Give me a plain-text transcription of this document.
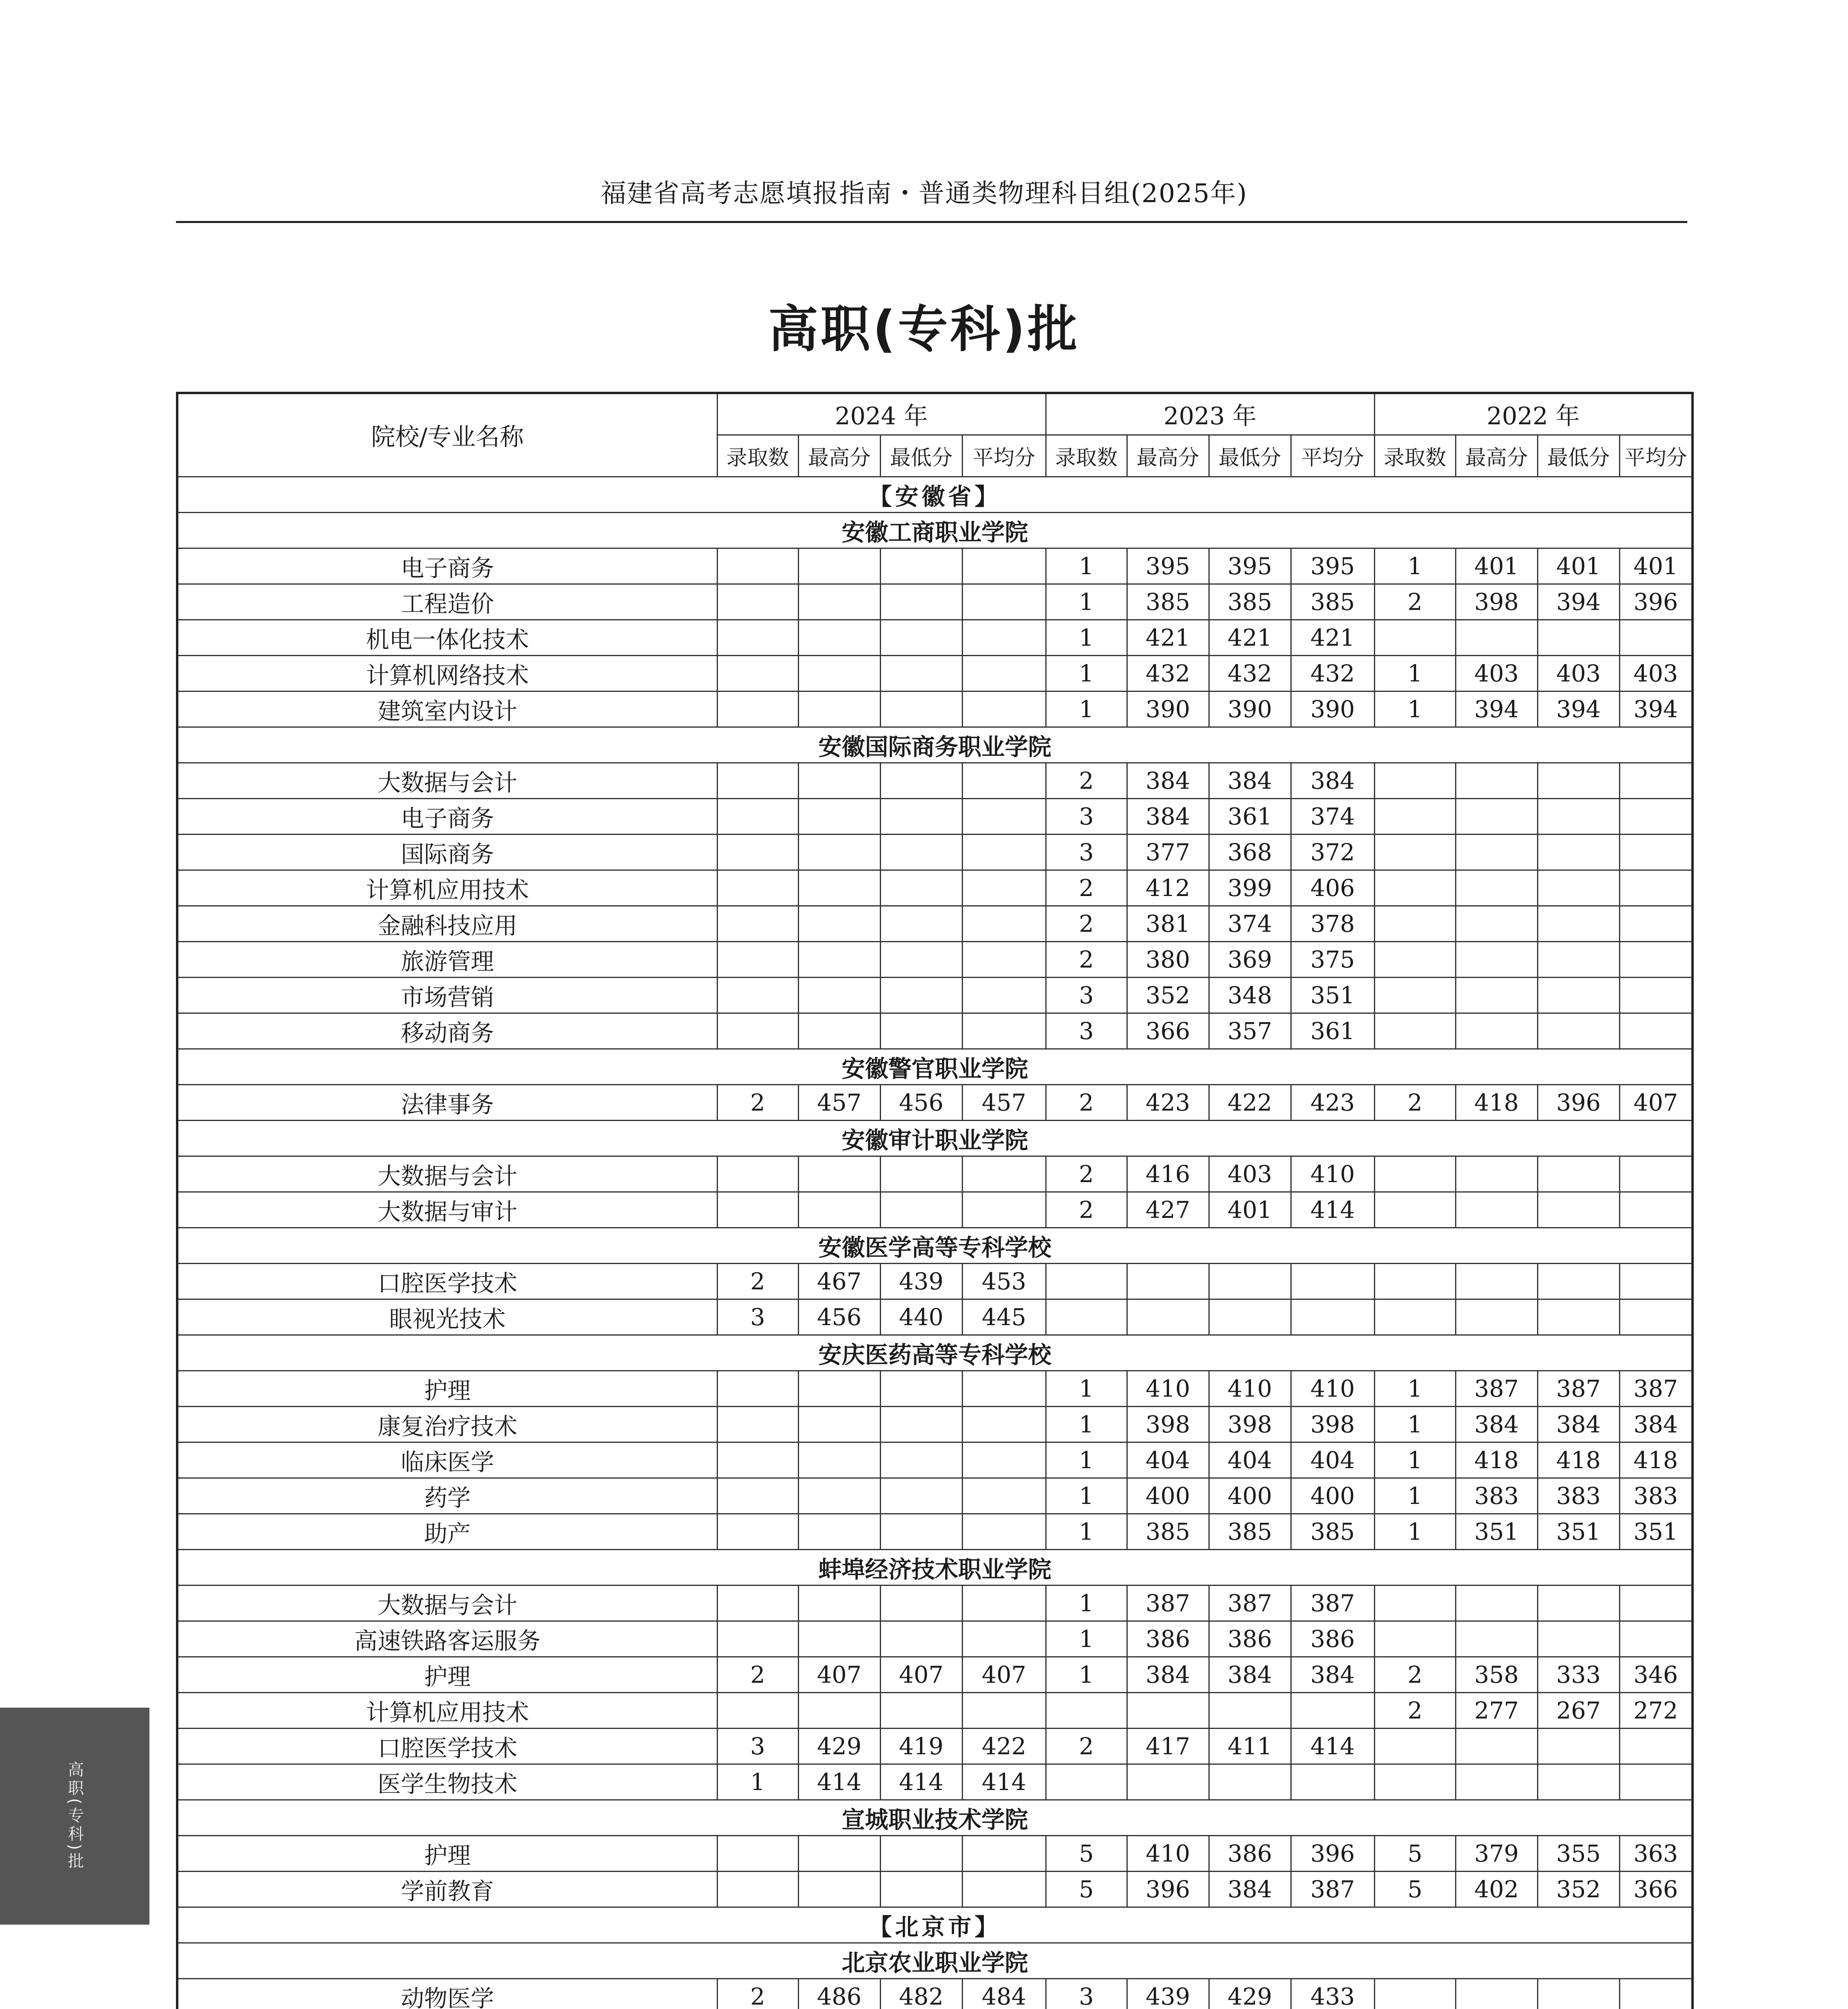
福建省高考志愿填报指南・普通类物理科目组(2025年)
高职(专科)批
院校/专业名称	2024 年				2023 年				2022 年			
	录取数	最高分	最低分	平均分	录取数	最高分	最低分	平均分	录取数	最高分	最低分	平均分
【安徽省】												
安徽工商职业学院												
电子商务					1	395	395	395	1	401	401	401
工程造价					1	385	385	385	2	398	394	396
机电一体化技术					1	421	421	421				
计算机网络技术					1	432	432	432	1	403	403	403
建筑室内设计					1	390	390	390	1	394	394	394
安徽国际商务职业学院												
大数据与会计					2	384	384	384				
电子商务					3	384	361	374				
国际商务					3	377	368	372				
计算机应用技术					2	412	399	406				
金融科技应用					2	381	374	378				
旅游管理					2	380	369	375				
市场营销					3	352	348	351				
移动商务					3	366	357	361				
安徽警官职业学院												
法律事务	2	457	456	457	2	423	422	423	2	418	396	407
安徽审计职业学院												
大数据与会计					2	416	403	410				
大数据与审计					2	427	401	414				
安徽医学高等专科学校												
口腔医学技术	2	467	439	453								
眼视光技术	3	456	440	445								
安庆医药高等专科学校												
护理					1	410	410	410	1	387	387	387
康复治疗技术					1	398	398	398	1	384	384	384
临床医学					1	404	404	404	1	418	418	418
药学					1	400	400	400	1	383	383	383
助产					1	385	385	385	1	351	351	351
蚌埠经济技术职业学院												
大数据与会计					1	387	387	387				
高速铁路客运服务					1	386	386	386				
护理	2	407	407	407	1	384	384	384	2	358	333	346
计算机应用技术									2	277	267	272
口腔医学技术	3	429	419	422	2	417	411	414				
医学生物技术	1	414	414	414								
宣城职业技术学院												
护理					5	410	386	396	5	379	355	363
学前教育					5	396	384	387	5	402	352	366
【北京市】												
北京农业职业学院												
动物医学	2	486	482	484	3	439	429	433				

高职(专科)批
